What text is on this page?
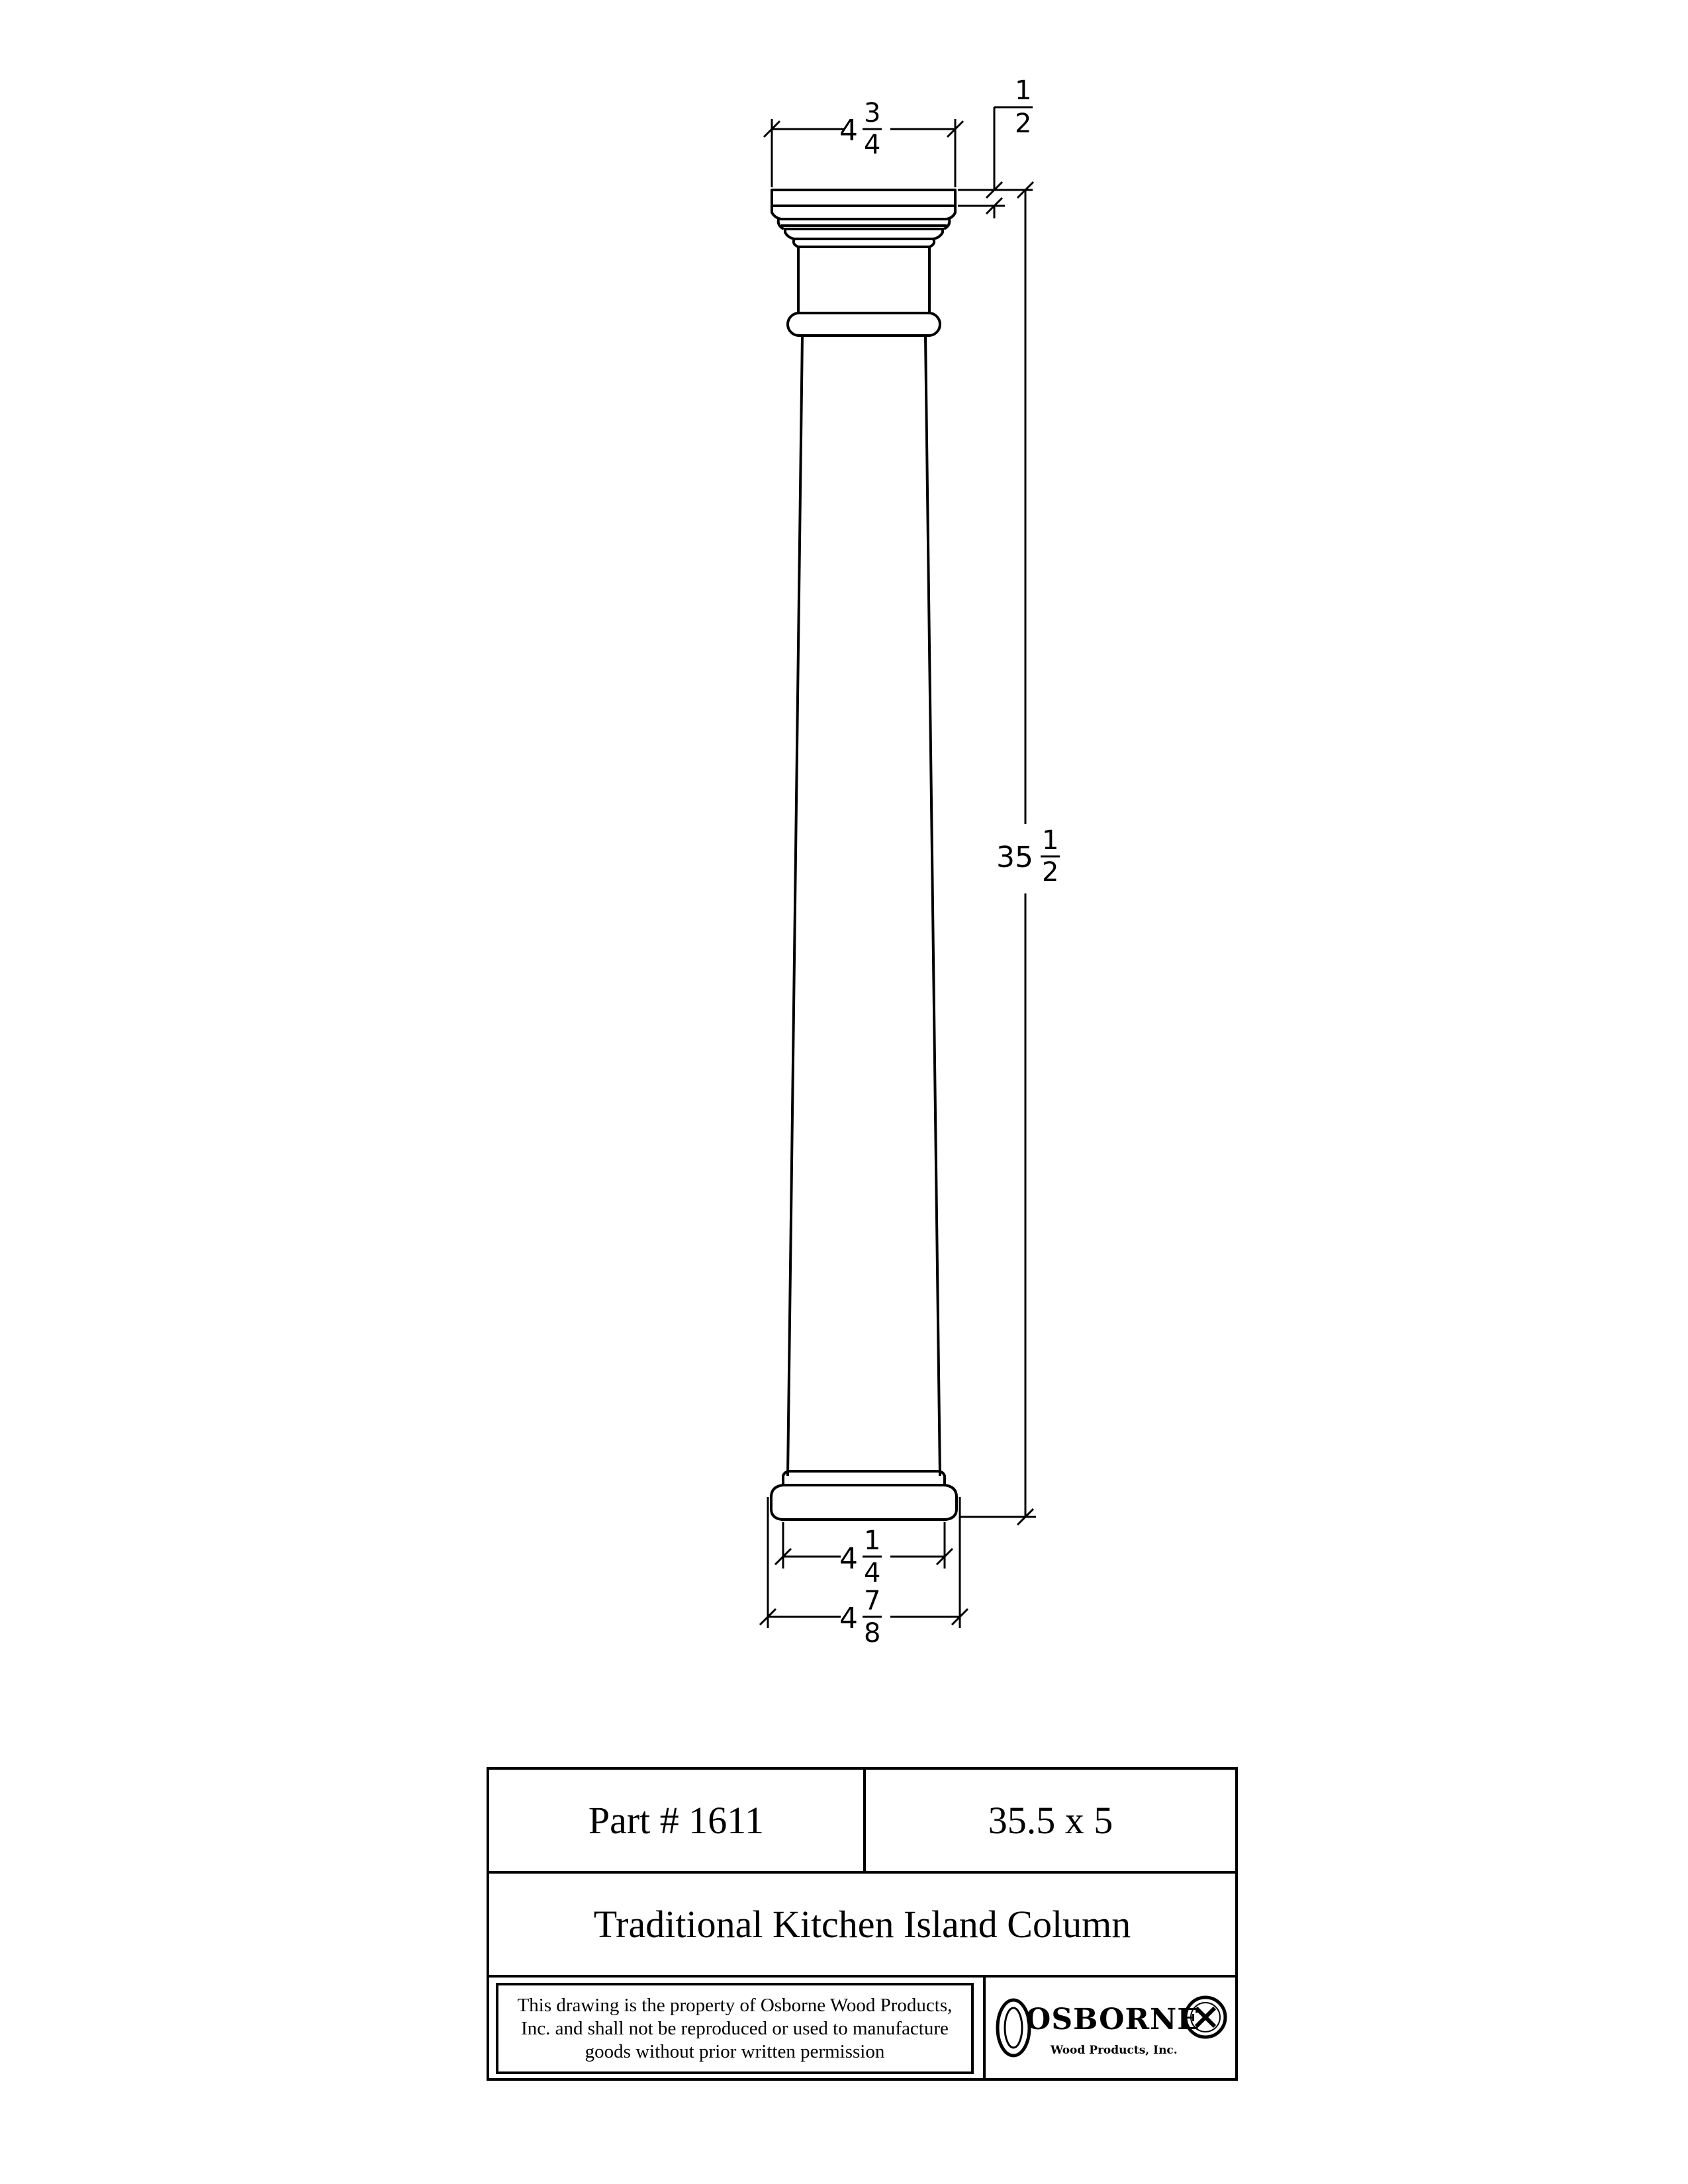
4
3
4
1
2
35 1
2
4
1
4
4
7
8
Part # 1611	35.5 x 5
Traditional Kitchen Island Column
This drawing is the property of Osborne Wood Products, Inc. and shall not be reproduced or used to manufacture goods without prior written permission
OSBORNE
Wood Products, Inc.
